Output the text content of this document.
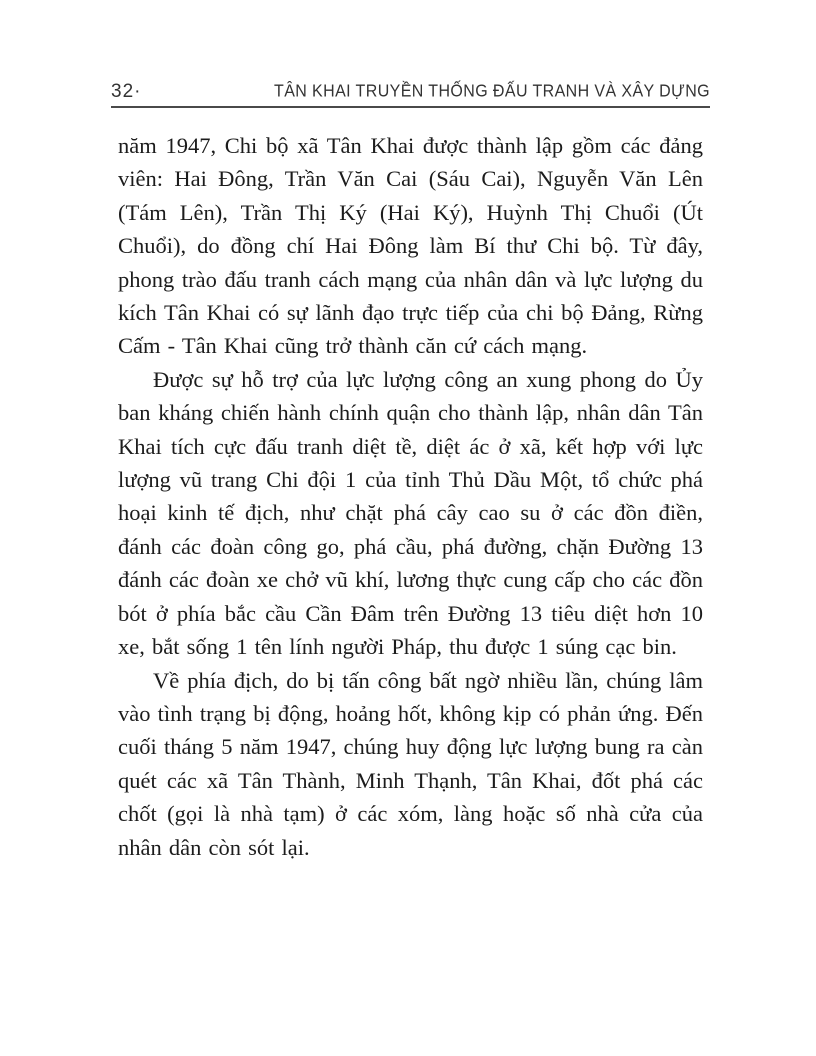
32·	TÂN KHAI TRUYỀN THỐNG ĐẤU TRANH VÀ XÂY DỰNG

năm 1947, Chi bộ xã Tân Khai được thành lập gồm các đảng viên: Hai Đông, Trần Văn Cai (Sáu Cai), Nguyễn Văn Lên (Tám Lên), Trần Thị Ký (Hai Ký), Huỳnh Thị Chuổi (Út Chuổi), do đồng chí Hai Đông làm Bí thư Chi bộ. Từ đây, phong trào đấu tranh cách mạng của nhân dân và lực lượng du kích Tân Khai có sự lãnh đạo trực tiếp của chi bộ Đảng, Rừng Cấm - Tân Khai cũng trở thành căn cứ cách mạng.

Được sự hỗ trợ của lực lượng công an xung phong do Ủy ban kháng chiến hành chính quận cho thành lập, nhân dân Tân Khai tích cực đấu tranh diệt tề, diệt ác ở xã, kết hợp với lực lượng vũ trang Chi đội 1 của tỉnh Thủ Dầu Một, tổ chức phá hoại kinh tế địch, như chặt phá cây cao su ở các đồn điền, đánh các đoàn công go, phá cầu, phá đường, chặn Đường 13 đánh các đoàn xe chở vũ khí, lương thực cung cấp cho các đồn bót ở phía bắc cầu Cần Đâm trên Đường 13 tiêu diệt hơn 10 xe, bắt sống 1 tên lính người Pháp, thu được 1 súng cạc bin.

Về phía địch, do bị tấn công bất ngờ nhiều lần, chúng lâm vào tình trạng bị động, hoảng hốt, không kịp có phản ứng. Đến cuối tháng 5 năm 1947, chúng huy động lực lượng bung ra càn quét các xã Tân Thành, Minh Thạnh, Tân Khai, đốt phá các chốt (gọi là nhà tạm) ở các xóm, làng hoặc số nhà cửa của nhân dân còn sót lại.
